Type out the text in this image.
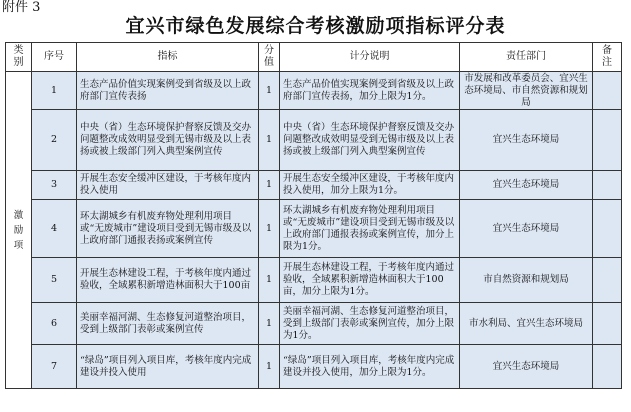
附件 3
宜兴市绿色发展综合考核激励项指标评分表
类别	序号	指标	分值	计分说明	责任部门	备注
激励项	1	生态产品价值实现案例受到省级及以上政府部门宣传表扬	1	生态产品价值实现案例受到省级及以上政府部门宣传表扬，加分上限为1分。	市发展和改革委员会、宜兴生态环境局、市自然资源和规划局	
	2	中央（省）生态环境保护督察反馈及交办问题整改成效明显受到无锡市级及以上表扬或被上级部门列入典型案例宣传	1	中央（省）生态环境保护督察反馈及交办问题整改成效明显受到无锡市级及以上表扬或被上级部门列入典型案例宣传	宜兴生态环境局	
	3	开展生态安全缓冲区建设，于考核年度内投入使用	1	开展生态安全缓冲区建设，于考核年度内投入使用，加分上限为1分。	宜兴生态环境局	
	4	环太湖城乡有机废弃物处理利用项目或“无废城市”建设项目受到无锡市级及以上政府部门通报表扬或案例宣传	1	环太湖城乡有机废弃物处理利用项目或“无废城市”建设项目受到无锡市级及以上政府部门通报表扬或案例宣传，加分上限为1分。	宜兴生态环境局	
	5	开展生态林建设工程，于考核年度内通过验收，全域累积新增造林面积大于100亩	1	开展生态林建设工程，于考核年度内通过验收，全域累积新增造林面积大于100亩，加分上限为1分。	市自然资源和规划局	
	6	美丽幸福河湖、生态修复河道整治项目，受到上级部门表彰或案例宣传	1	美丽幸福河湖、生态修复河道整治项目，受到上级部门表彰或案例宣传，加分上限为1分。	市水利局、宜兴生态环境局	
	7	“绿岛”项目列入项目库，考核年度内完成建设并投入使用	1	“绿岛”项目列入项目库，考核年度内完成建设并投入使用，加分上限为1分。	宜兴生态环境局	
